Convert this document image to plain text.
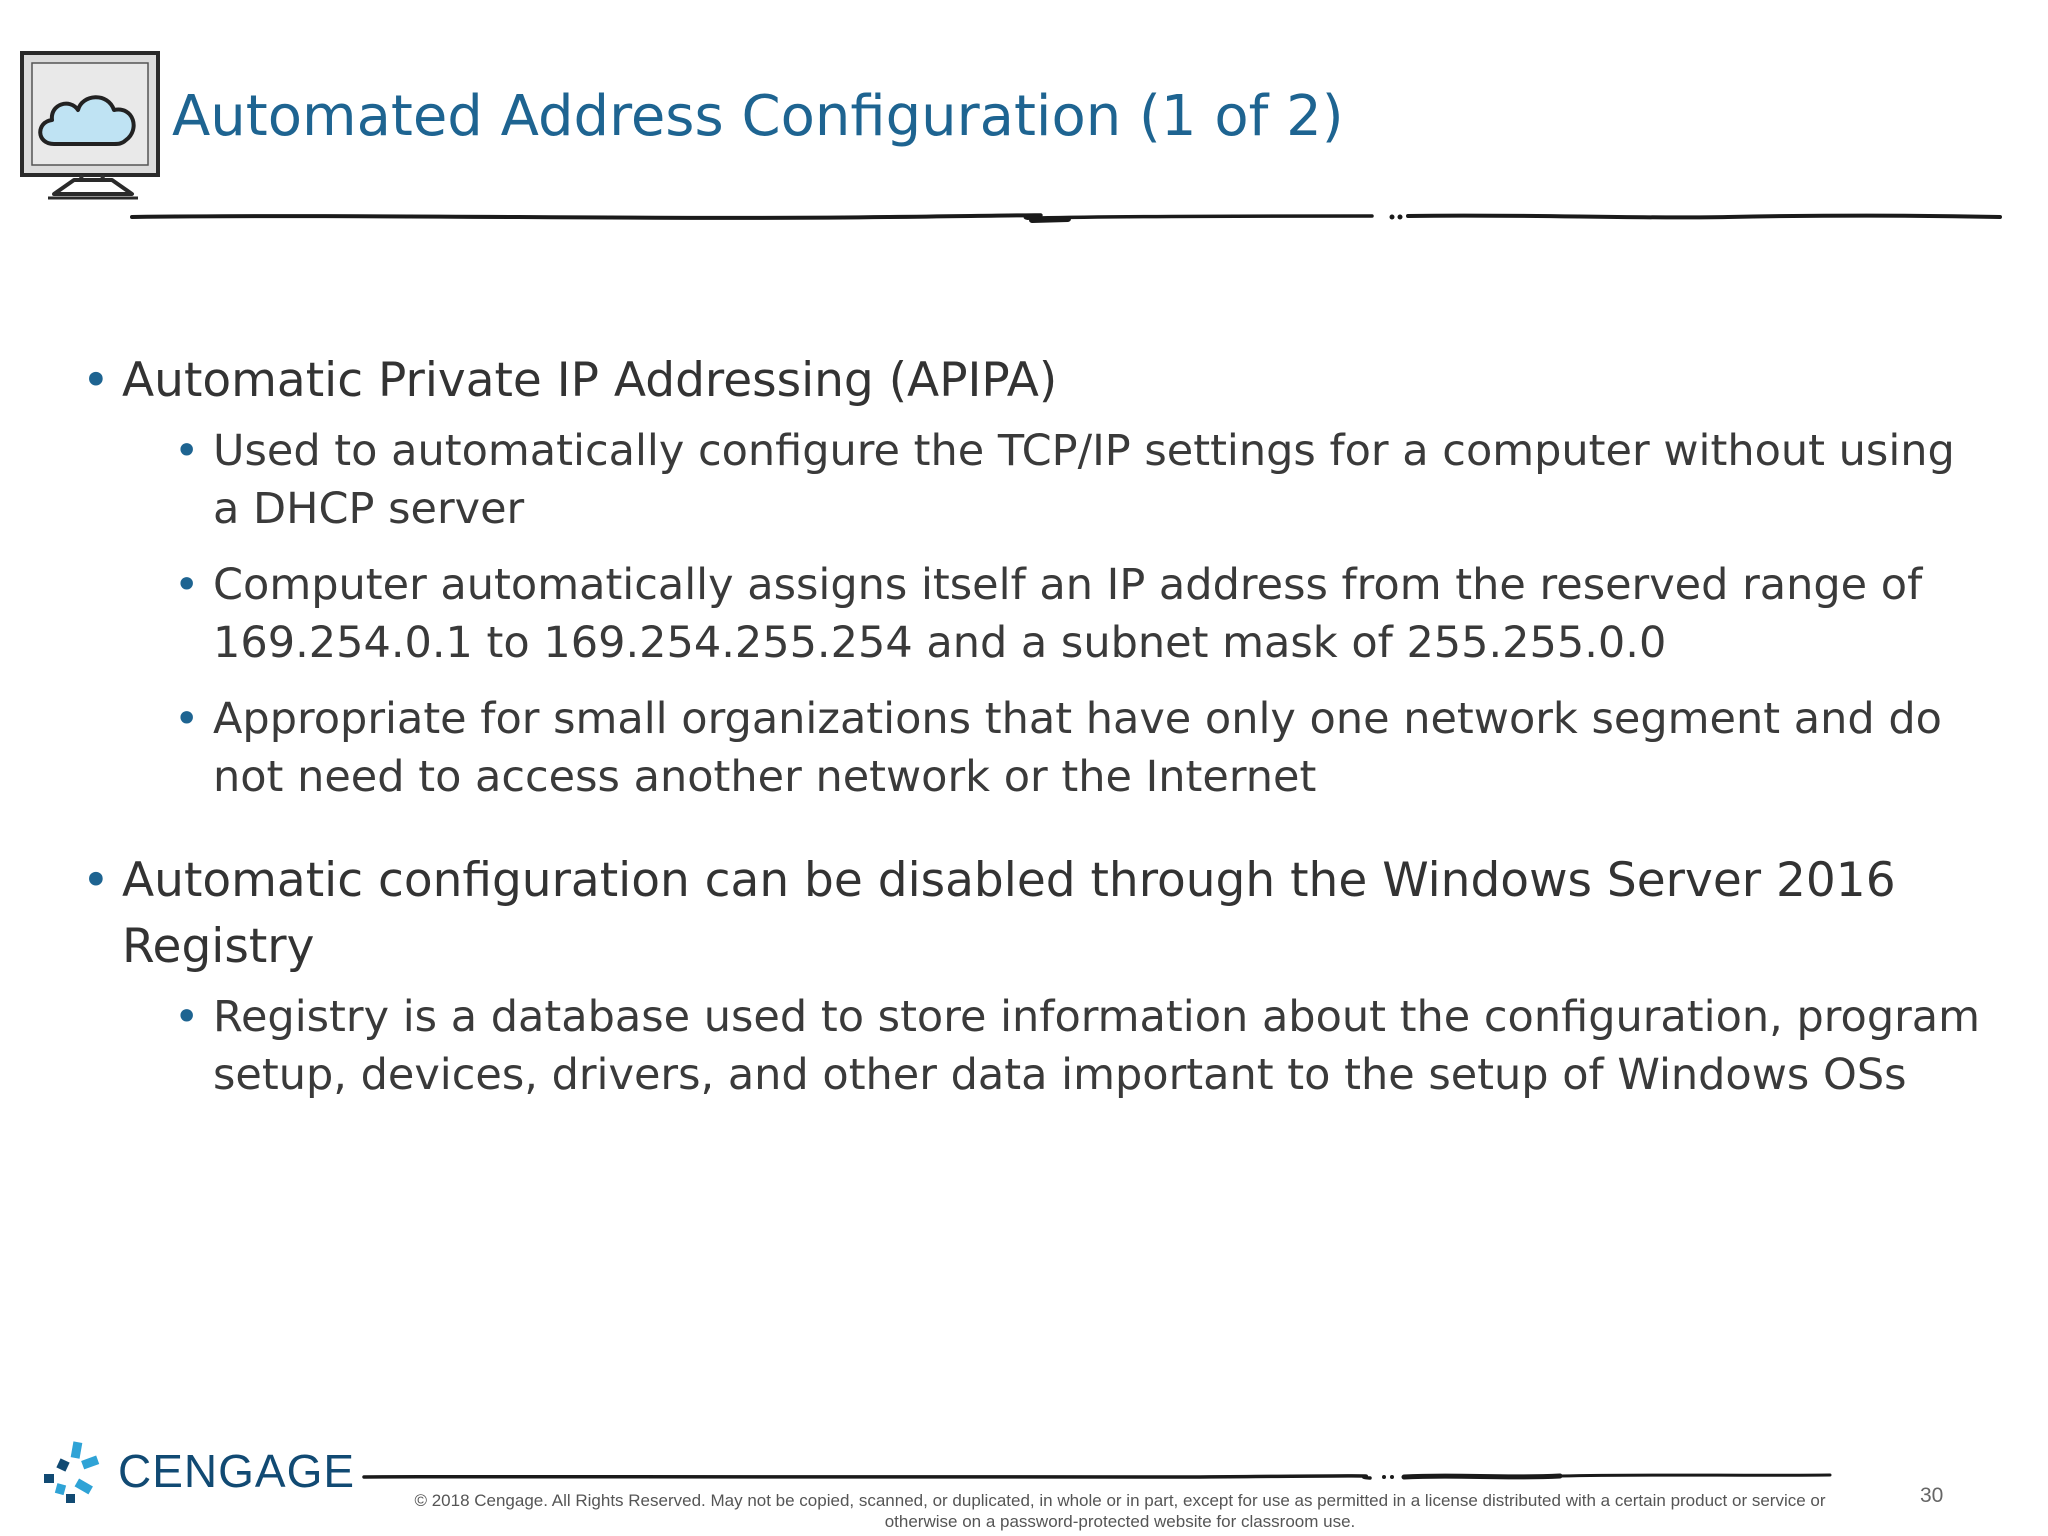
Automated Address Configuration (1 of 2)
• Automatic Private IP Addressing (APIPA)
• Used to automatically configure the TCP/IP settings for a computer without using a DHCP server
• Computer automatically assigns itself an IP address from the reserved range of 169.254.0.1 to 169.254.255.254 and a subnet mask of 255.255.0.0
• Appropriate for small organizations that have only one network segment and do not need to access another network or the Internet
• Automatic configuration can be disabled through the Windows Server 2016 Registry
• Registry is a database used to store information about the configuration, program setup, devices, drivers, and other data important to the setup of Windows OSs
CENGAGE
© 2018 Cengage. All Rights Reserved. May not be copied, scanned, or duplicated, in whole or in part, except for use as permitted in a license distributed with a certain product or service or
otherwise on a password-protected website for classroom use.
30
